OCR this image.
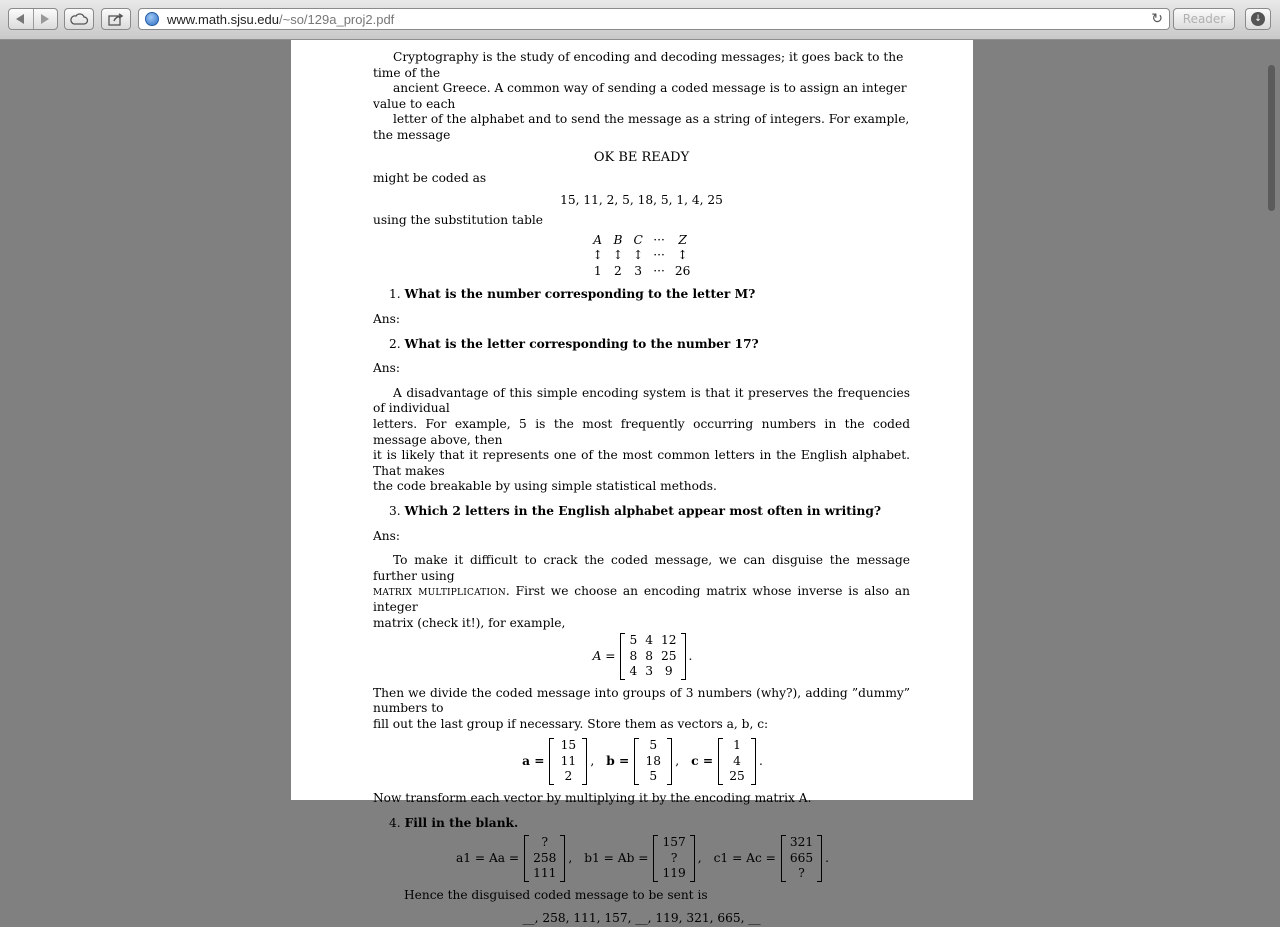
www.math.sjsu.edu/~so/129a_proj2.pdf	↻	Reader	↓
Cryptography is the study of encoding and decoding messages; it goes back to the time of the
ancient Greece. A common way of sending a coded message is to assign an integer value to each
letter of the alphabet and to send the message as a string of integers. For example, the message
OK BE READY
might be coded as
15, 11, 2, 5, 18, 5, 1, 4, 25
using the substitution table
A	B	C	···	Z
↕	↕	↕	···	↕
1	2	3	···	26
1. What is the number corresponding to the letter M?
Ans:
2. What is the letter corresponding to the number 17?
Ans:
A disadvantage of this simple encoding system is that it preserves the frequencies of individual
letters. For example, 5 is the most frequently occurring numbers in the coded message above, then
it is likely that it represents one of the most common letters in the English alphabet. That makes
the code breakable by using simple statistical methods.
3. Which 2 letters in the English alphabet appear most often in writing?
Ans:
To make it difficult to crack the coded message, we can disguise the message further using
matrix multiplication. First we choose an encoding matrix whose inverse is also an integer
matrix (check it!), for example,
A =
5	4	12
8	8	25
4	3	9
.
Then we divide the coded message into groups of 3 numbers (why?), adding ”dummy” numbers to
fill out the last group if necessary. Store them as vectors a, b, c:
a =
15
11
2
, b =
5
18
5
, c =
1
4
25
.
Now transform each vector by multiplying it by the encoding matrix A.
4. Fill in the blank.
a1 = Aa =
?
258
111
, b1 = Ab =
157
?
119
, c1 = Ac =
321
665
?
.
Hence the disguised coded message to be sent is
__, 258, 111, 157, __, 119, 321, 665, __
